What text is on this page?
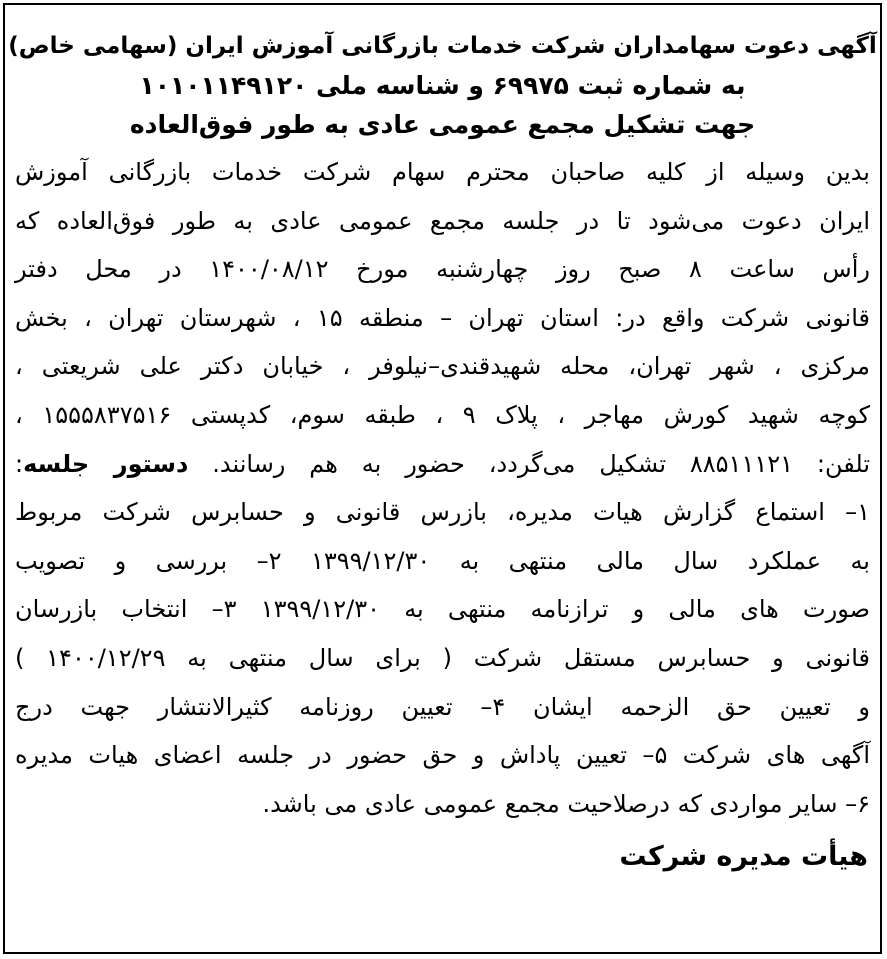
آگهی دعوت سهامداران شرکت خدمات بازرگانی آموزش ایران (سهامی خاص)
به شماره ثبت ۶۹۹۷۵ و شناسه ملی ۱۰۱۰۱۱۴۹۱۲۰
جهت تشکیل مجمع عمومی عادی به طور فوق‌العاده
بدین وسیله از کلیه صاحبان محترم سهام شرکت خدمات بازرگانی آموزش
ایران دعوت می‌شود تا در جلسه مجمع عمومی عادی به طور فوق‌العاده که
رأس ساعت ۸ صبح روز چهارشنبه مورخ ۱۴۰۰/۰۸/۱۲ در محل دفتر
قانونی شرکت واقع در: استان تهران – منطقه ۱۵ ، شهرستان تهران ، بخش
مرکزی ، شهر تهران، محله شهیدقندی–نیلوفر ، خیابان دکتر علی شریعتی ،
کوچه شهید کورش مهاجر ، پلاک ۹ ، طبقه سوم، کدپستی ۱۵۵۵۸۳۷۵۱۶ ،
تلفن: ۸۸۵۱۱۱۲۱ تشکیل می‌گردد، حضور به هم رسانند. دستور جلسه:
۱– استماع گزارش هیات مدیره، بازرس قانونی و حسابرس شرکت مربوط
به عملکرد سال مالی منتهی به ۱۳۹۹/۱۲/۳۰ ۲– بررسی و تصویب
صورت های مالی و ترازنامه منتهی به ۱۳۹۹/۱۲/۳۰ ۳– انتخاب بازرسان
قانونی و حسابرس مستقل شرکت ( برای سال منتهی به ۱۴۰۰/۱۲/۲۹ )
و تعیین حق الزحمه ایشان ۴– تعیین روزنامه کثیرالانتشار جهت درج
آگهی های شرکت ۵– تعیین پاداش و حق حضور در جلسه اعضای هیات مدیره
۶– سایر مواردی که درصلاحیت مجمع عمومی عادی می باشد.
هیأت مدیره شرکت
